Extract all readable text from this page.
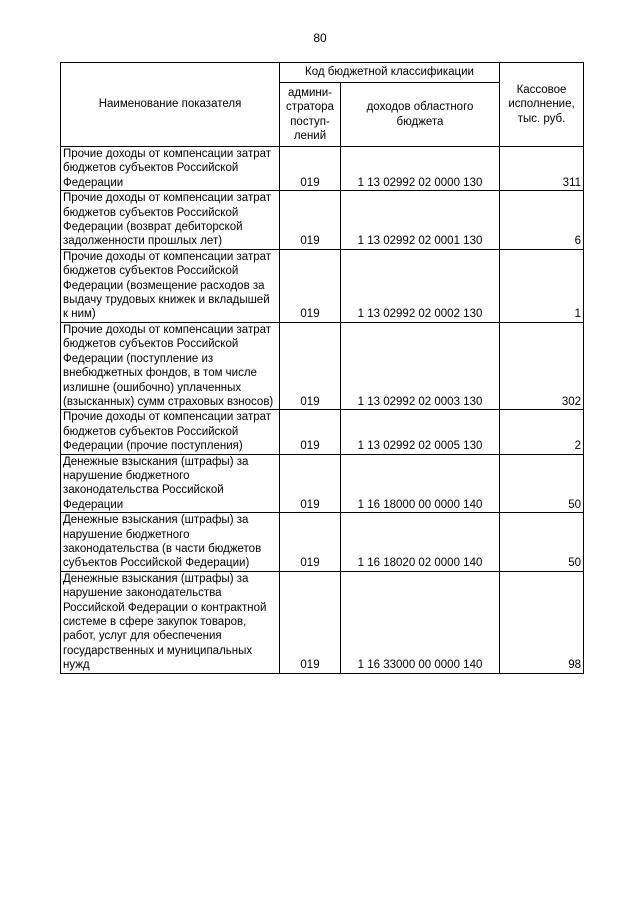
80
Наименование показателя	Код бюджетной классификации		Кассовое исполнение, тыс. руб.
	админи-стратора поступ-лений	доходов областного бюджета	
Прочие доходы от компенсации затрат бюджетов субъектов Российской Федерации	019	1 13 02992 02 0000 130	311
Прочие доходы от компенсации затрат бюджетов субъектов Российской Федерации (возврат дебиторской задолженности прошлых лет)	019	1 13 02992 02 0001 130	6
Прочие доходы от компенсации затрат бюджетов субъектов Российской Федерации (возмещение расходов за выдачу трудовых книжек и вкладышей к ним)	019	1 13 02992 02 0002 130	1
Прочие доходы от компенсации затрат бюджетов субъектов Российской Федерации (поступление из внебюджетных фондов, в том числе излишне (ошибочно) уплаченных (взысканных) сумм страховых взносов)	019	1 13 02992 02 0003 130	302
Прочие доходы от компенсации затрат бюджетов субъектов Российской Федерации (прочие поступления)	019	1 13 02992 02 0005 130	2
Денежные взыскания (штрафы) за нарушение бюджетного законодательства Российской Федерации	019	1 16 18000 00 0000 140	50
Денежные взыскания (штрафы) за нарушение бюджетного законодательства (в части бюджетов субъектов Российской Федерации)	019	1 16 18020 02 0000 140	50
Денежные взыскания (штрафы) за нарушение законодательства Российской Федерации о контрактной системе в сфере закупок товаров, работ, услуг для обеспечения государственных и муниципальных нужд	019	1 16 33000 00 0000 140	98
